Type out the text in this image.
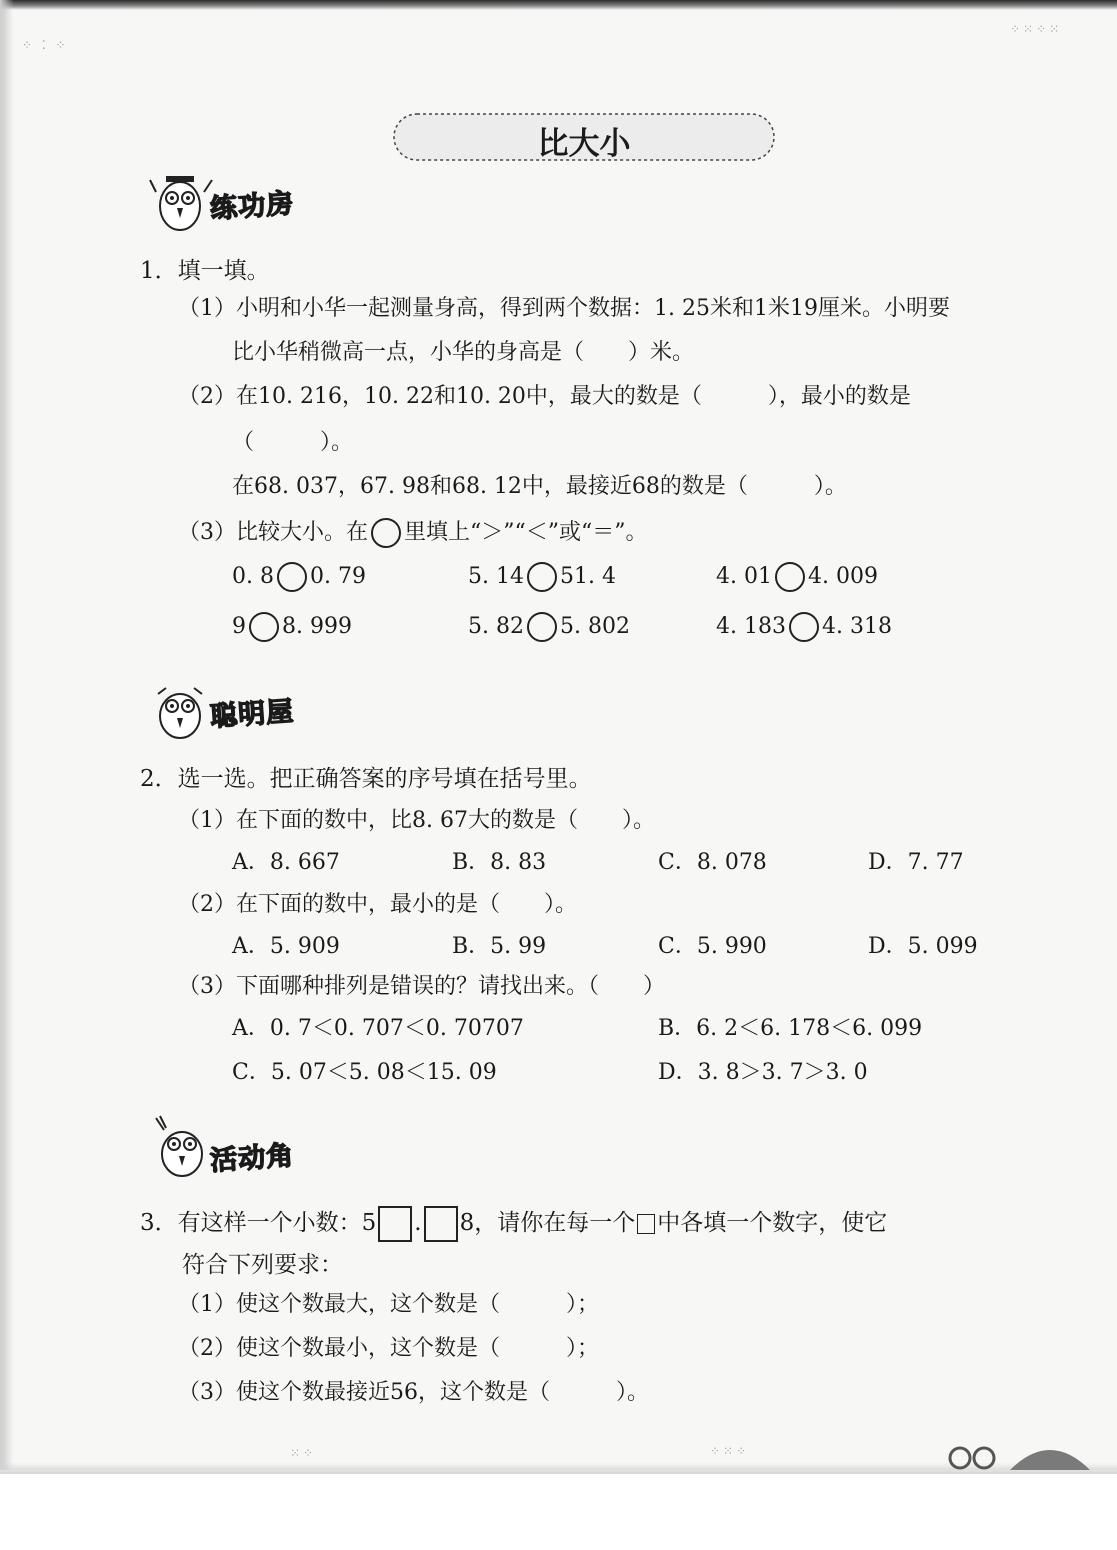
⁘ ⁚ ⁘
⁘⁙⁘⁙
⁙⁘	⁘⁙⁘
比大小
练功房
1．填一填。
（1）小明和小华一起测量身高，得到两个数据：1. 25米和1米19厘米。小明要
比小华稍微高一点，小华的身高是（　　）米。
（2）在10. 216，10. 22和10. 20中，最大的数是（　　　），最小的数是
（　　　）。
在68. 037，67. 98和68. 12中，最接近68的数是（　　　）。
（3）比较大小。在 里填上“＞”“＜”或“＝”。
0. 8 0. 79	5. 14 51. 4	4. 01 4. 009
9 8. 999	5. 82 5. 802	4. 183 4. 318
聪明屋
2．选一选。把正确答案的序号填在括号里。
（1）在下面的数中，比8. 67大的数是（　　）。
A．8. 667	B．8. 83	C．8. 078	D．7. 77
（2）在下面的数中，最小的是（　　）。
A．5. 909	B．5. 99	C．5. 990	D．5. 099
（3）下面哪种排列是错误的？请找出来。（　　）
A．0. 7＜0. 707＜0. 70707	B．6. 2＜6. 178＜6. 099
C．5. 07＜5. 08＜15. 09	D．3. 8＞3. 7＞3. 0
活动角
3．有这样一个小数：5 . 8，请你在每一个 中各填一个数字，使它
符合下列要求：
（1）使这个数最大，这个数是（　　　）；
（2）使这个数最小，这个数是（　　　）；
（3）使这个数最接近56，这个数是（　　　）。
